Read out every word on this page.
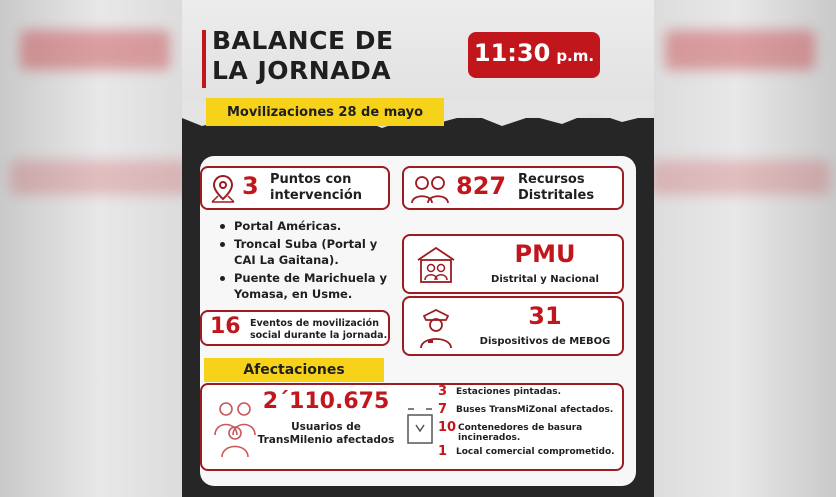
BALANCE DE
LA JORNADA
11:30 p.m.
Movilizaciones 28 de mayo
3 Puntos con
intervención
Portal Américas.
Troncal Suba (Portal y CAI La Gaitana).
Puente de Marichuela y Yomasa, en Usme.
16 Eventos de movilización
social durante la jornada.
827 Recursos
Distritales
PMU
Distrital y Nacional
31
Dispositivos de MEBOG
Afectaciones
2´110.675
Usuarios de
TransMilenio afectados
3 Estaciones pintadas.
7 Buses TransMiZonal afectados.
10 Contenedores de basura incinerados.
1 Local comercial comprometido.
